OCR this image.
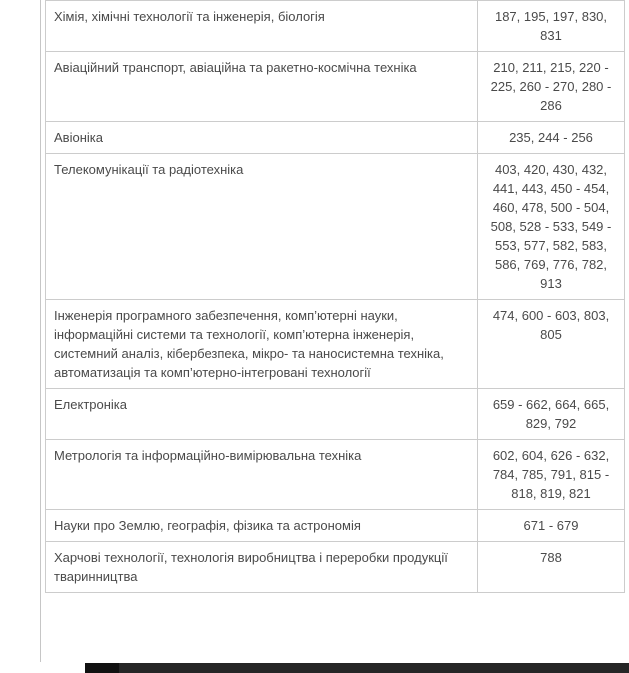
Хімія, хімічні технології та інженерія, біологія	187, 195, 197, 830, 831
Авіаційний транспорт, авіаційна та ракетно-космічна техніка	210, 211, 215, 220 - 225, 260 - 270, 280 - 286
Авіоніка	235, 244 - 256
Телекомунікації та радіотехніка	403, 420, 430, 432, 441, 443, 450 - 454, 460, 478, 500 - 504, 508, 528 - 533, 549 - 553, 577, 582, 583, 586, 769, 776, 782, 913
Інженерія програмного забезпечення, комп’ютерні науки, інформаційні системи та технології, комп’ютерна інженерія, системний аналіз, кібербезпека, мікро- та наносистемна техніка, автоматизація та комп’ютерно-інтегровані технології	474, 600 - 603, 803, 805
Електроніка	659 - 662, 664, 665, 829, 792
Метрологія та інформаційно-вимірювальна техніка	602, 604, 626 - 632, 784, 785, 791, 815 - 818, 819, 821
Науки про Землю, географія, фізика та астрономія	671 - 679
Харчові технології, технологія виробництва і переробки продукції тваринництва	788
